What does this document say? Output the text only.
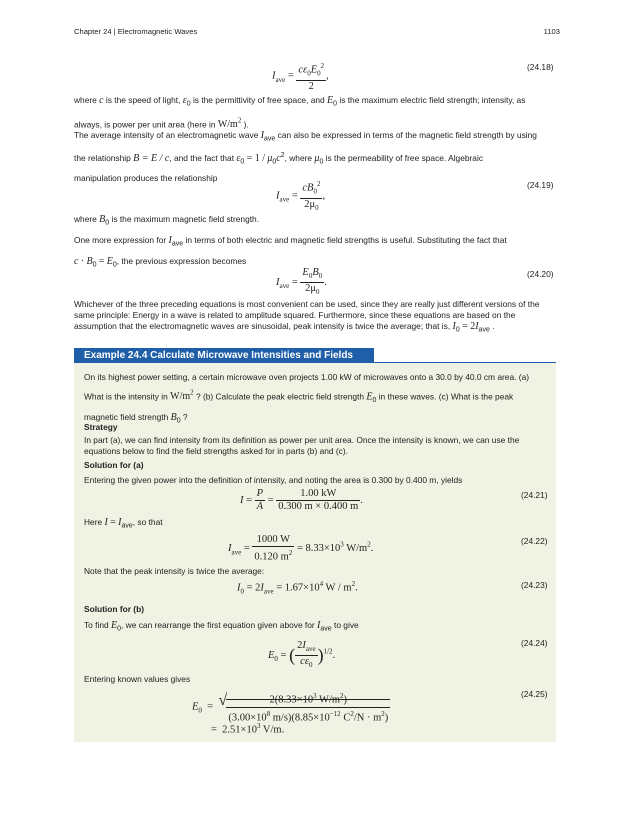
Chapter 24 | Electromagnetic Waves	1103
$I_{ave} = \frac{c\varepsilon_0E_0^2}{2}$ ,
(24.18)
where c is the speed of light, $\varepsilon_0$ is the permittivity of free space, and $E_0$ is the maximum electric field strength; intensity, as always, is power per unit area (here in $W/m^2$ ).
The average intensity of an electromagnetic wave $I_{ave}$ can also be expressed in terms of the magnetic field strength by using
the relationship B = E / c, and the fact that $\varepsilon_0 = 1 / \mu_0c^2$, where $\mu_0$ is the permeability of free space. Algebraic
manipulation produces the relationship
$I_{ave} = \frac{cB_0^2}{2\mu_0}$ ,
(24.19)
where $B_0$ is the maximum magnetic field strength.
One more expression for $I_{ave}$ in terms of both electric and magnetic field strengths is useful. Substituting the fact that
$c \cdot B_0 = E_0$, the previous expression becomes
$I_{ave} = \frac{E_0B_0}{2\mu_0}$ .
(24.20)
Whichever of the three preceding equations is most convenient can be used, since they are really just different versions of the same principle: Energy in a wave is related to amplitude squared. Furthermore, since these equations are based on the assumption that the electromagnetic waves are sinusoidal, peak intensity is twice the average; that is, $I_0 = 2I_{ave}$ .
Example 24.4 Calculate Microwave Intensities and Fields
On its highest power setting, a certain microwave oven projects 1.00 kW of microwaves onto a 30.0 by 40.0 cm area. (a)
What is the intensity in $W/m^2$ ? (b) Calculate the peak electric field strength $E_0$ in these waves. (c) What is the peak
magnetic field strength $B_0$ ?
Strategy
In part (a), we can find intensity from its definition as power per unit area. Once the intensity is known, we can use the equations below to find the field strengths asked for in parts (b) and (c).
Solution for (a)
Entering the given power into the definition of intensity, and noting the area is 0.300 by 0.400 m, yields
$I = \frac{P}{A} = \frac{1.00 kW}{0.300 m \times 0.400 m}$ .	(24.21)
Here $I = I_{ave}$, so that
$I_{ave} = \frac{1000 W}{0.120 m^2} = 8.33\times 10^3$ $W/m^2$.
(24.22)
Note that the peak intensity is twice the average:
$I_0 = 2I_{ave} = 1.67\times 10^4$ W / $m^2$.	(24.23)
Solution for (b)
To find $E_0$, we can rearrange the first equation given above for $I_{ave}$ to give
$E_0$ = ( $\frac{2I_{ave}}{c\varepsilon_0} )^{1/2}$.
(24.24)
Entering known values gives
$E_0$  = √ $\frac{2(8.33\times 10^3 W/m^2)}{(3.00\times 10^8 m/s)(8.85\times 10^{-12} C^2/N \cdot m^2)}$
=  $2.51\times 10^3$ V/m.
(24.25)
